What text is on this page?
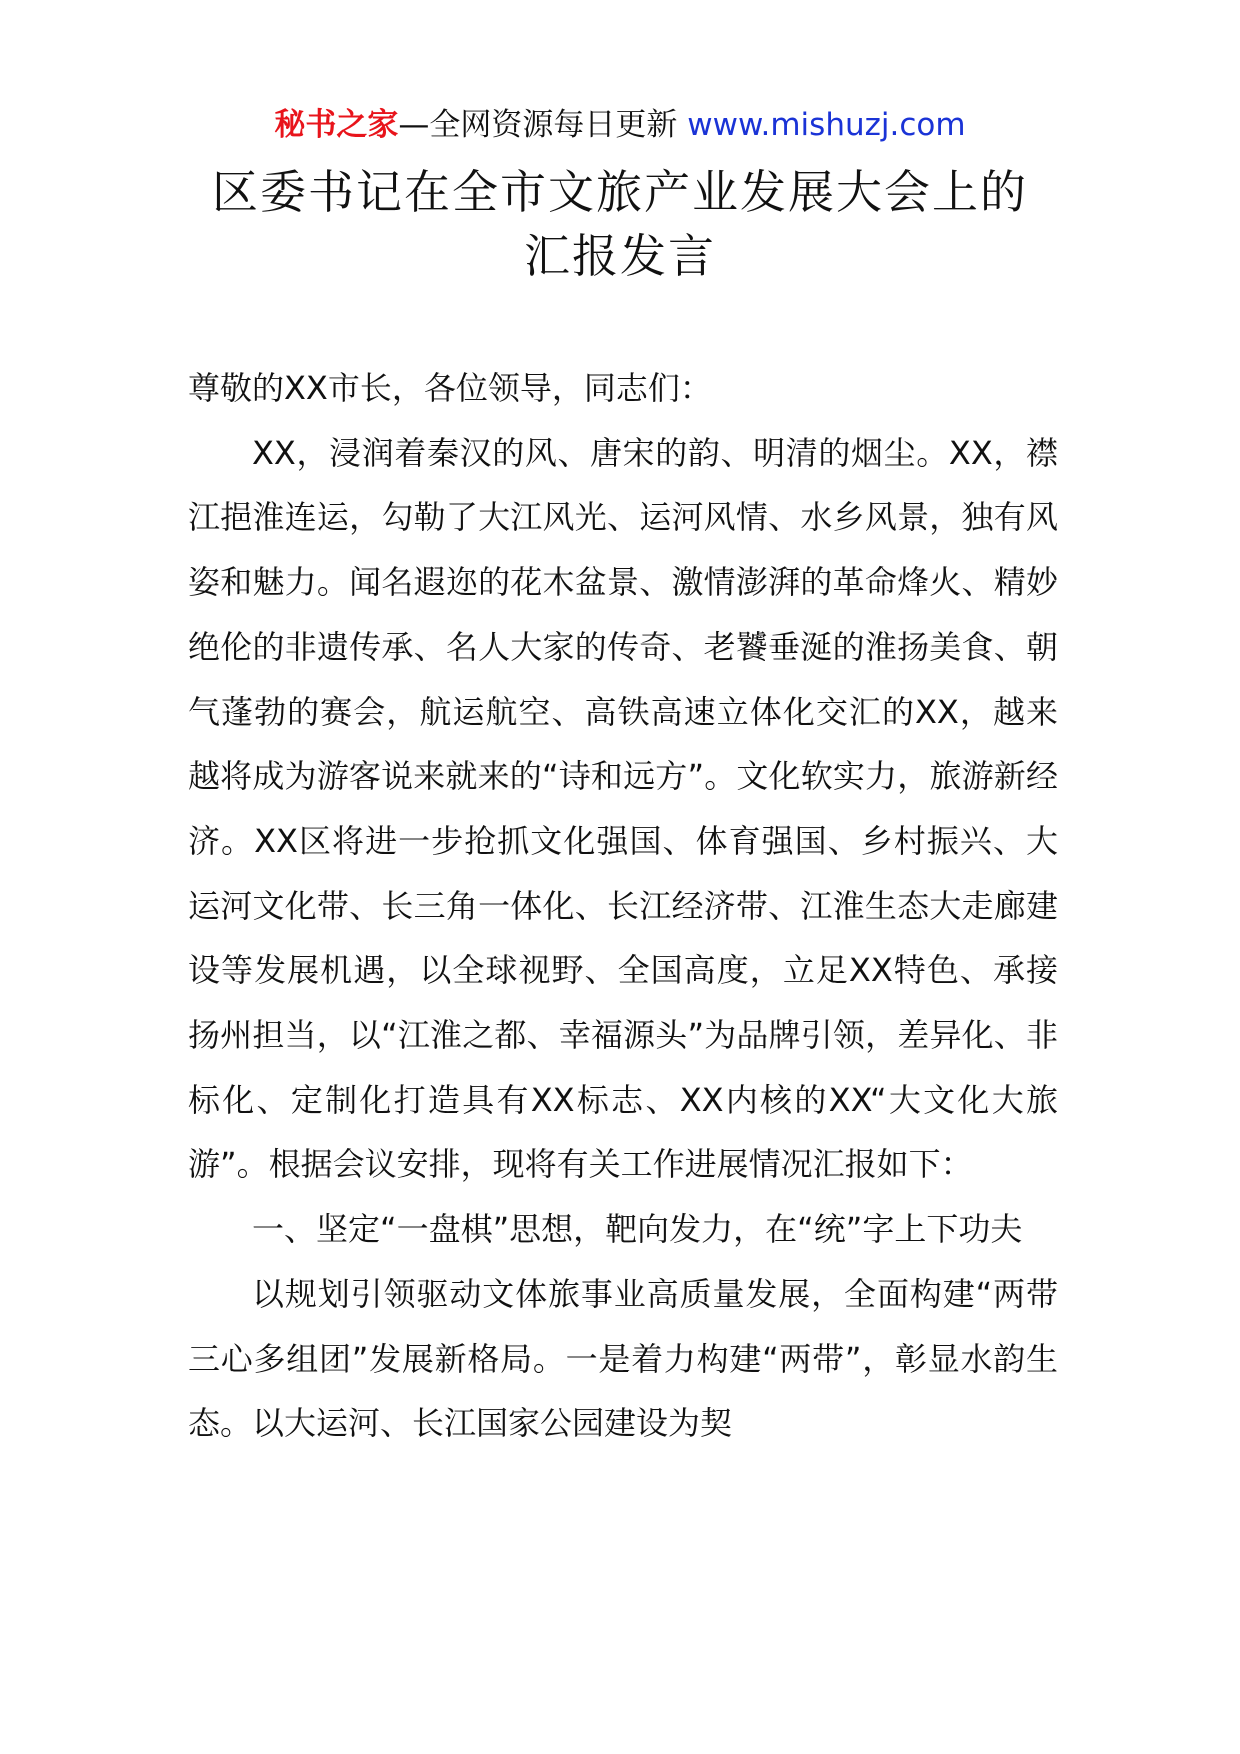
秘书之家—全网资源每日更新 www.mishuzj.com
区委书记在全市文旅产业发展大会上的
汇报发言

尊敬的XX市长，各位领导，同志们：

XX，浸润着秦汉的风、唐宋的韵、明清的烟尘。XX，襟江挹淮连运，勾勒了大江风光、运河风情、水乡风景，独有风姿和魅力。闻名遐迩的花木盆景、激情澎湃的革命烽火、精妙绝伦的非遗传承、名人大家的传奇、老饕垂涎的淮扬美食、朝气蓬勃的赛会，航运航空、高铁高速立体化交汇的XX，越来越将成为游客说来就来的“诗和远方”。文化软实力，旅游新经济。XX区将进一步抢抓文化强国、体育强国、乡村振兴、大运河文化带、长三角一体化、长江经济带、江淮生态大走廊建设等发展机遇，以全球视野、全国高度，立足XX特色、承接扬州担当，以“江淮之都、幸福源头”为品牌引领，差异化、非标化、定制化打造具有XX标志、XX内核的XX“大文化大旅游”。根据会议安排，现将有关工作进展情况汇报如下：

一、坚定“一盘棋”思想，靶向发力，在“统”字上下功夫

以规划引领驱动文体旅事业高质量发展，全面构建“两带三心多组团”发展新格局。一是着力构建“两带”，彰显水韵生态。以大运河、长江国家公园建设为契
